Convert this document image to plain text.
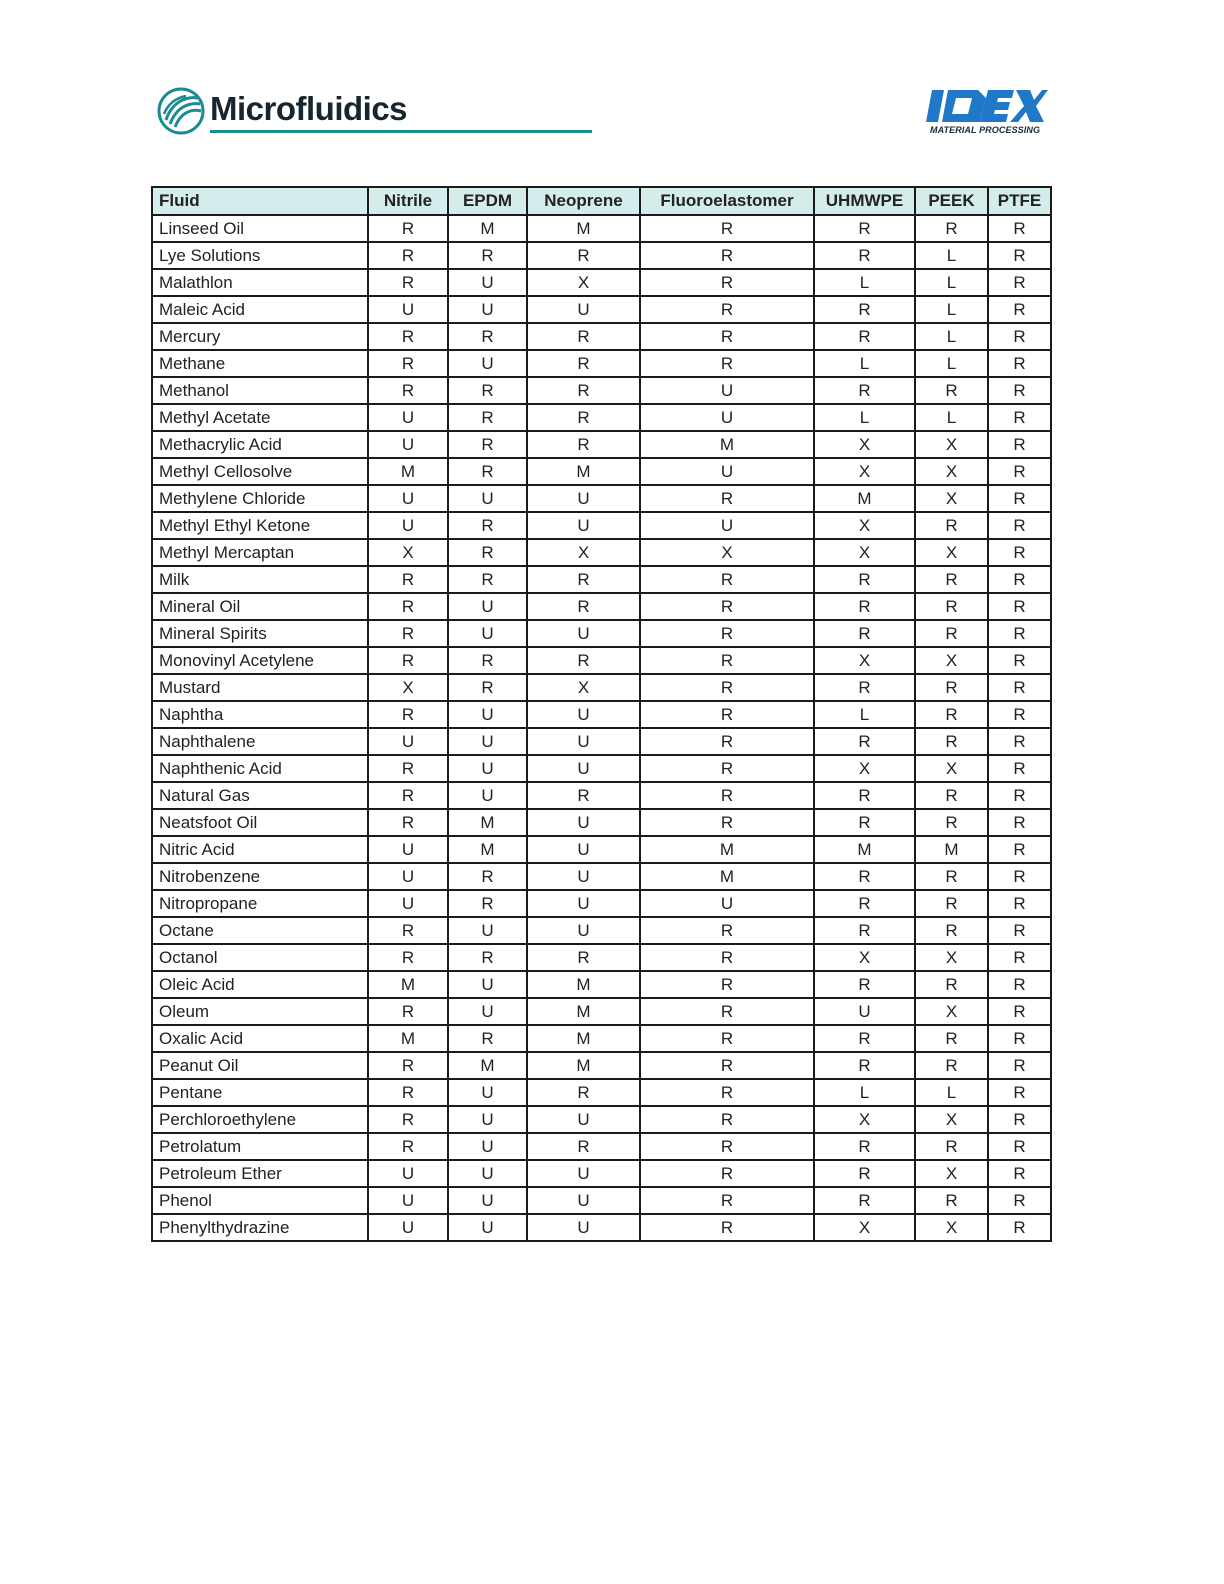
Microfluidics
MATERIAL PROCESSING
Fluid	Nitrile	EPDM	Neoprene	Fluoroelastomer	UHMWPE	PEEK	PTFE
Linseed Oil	R	M	M	R	R	R	R
Lye Solutions	R	R	R	R	R	L	R
Malathlon	R	U	X	R	L	L	R
Maleic Acid	U	U	U	R	R	L	R
Mercury	R	R	R	R	R	L	R
Methane	R	U	R	R	L	L	R
Methanol	R	R	R	U	R	R	R
Methyl Acetate	U	R	R	U	L	L	R
Methacrylic Acid	U	R	R	M	X	X	R
Methyl Cellosolve	M	R	M	U	X	X	R
Methylene Chloride	U	U	U	R	M	X	R
Methyl Ethyl Ketone	U	R	U	U	X	R	R
Methyl Mercaptan	X	R	X	X	X	X	R
Milk	R	R	R	R	R	R	R
Mineral Oil	R	U	R	R	R	R	R
Mineral Spirits	R	U	U	R	R	R	R
Monovinyl Acetylene	R	R	R	R	X	X	R
Mustard	X	R	X	R	R	R	R
Naphtha	R	U	U	R	L	R	R
Naphthalene	U	U	U	R	R	R	R
Naphthenic Acid	R	U	U	R	X	X	R
Natural Gas	R	U	R	R	R	R	R
Neatsfoot Oil	R	M	U	R	R	R	R
Nitric Acid	U	M	U	M	M	M	R
Nitrobenzene	U	R	U	M	R	R	R
Nitropropane	U	R	U	U	R	R	R
Octane	R	U	U	R	R	R	R
Octanol	R	R	R	R	X	X	R
Oleic Acid	M	U	M	R	R	R	R
Oleum	R	U	M	R	U	X	R
Oxalic Acid	M	R	M	R	R	R	R
Peanut Oil	R	M	M	R	R	R	R
Pentane	R	U	R	R	L	L	R
Perchloroethylene	R	U	U	R	X	X	R
Petrolatum	R	U	R	R	R	R	R
Petroleum Ether	U	U	U	R	R	X	R
Phenol	U	U	U	R	R	R	R
Phenylthydrazine	U	U	U	R	X	X	R
